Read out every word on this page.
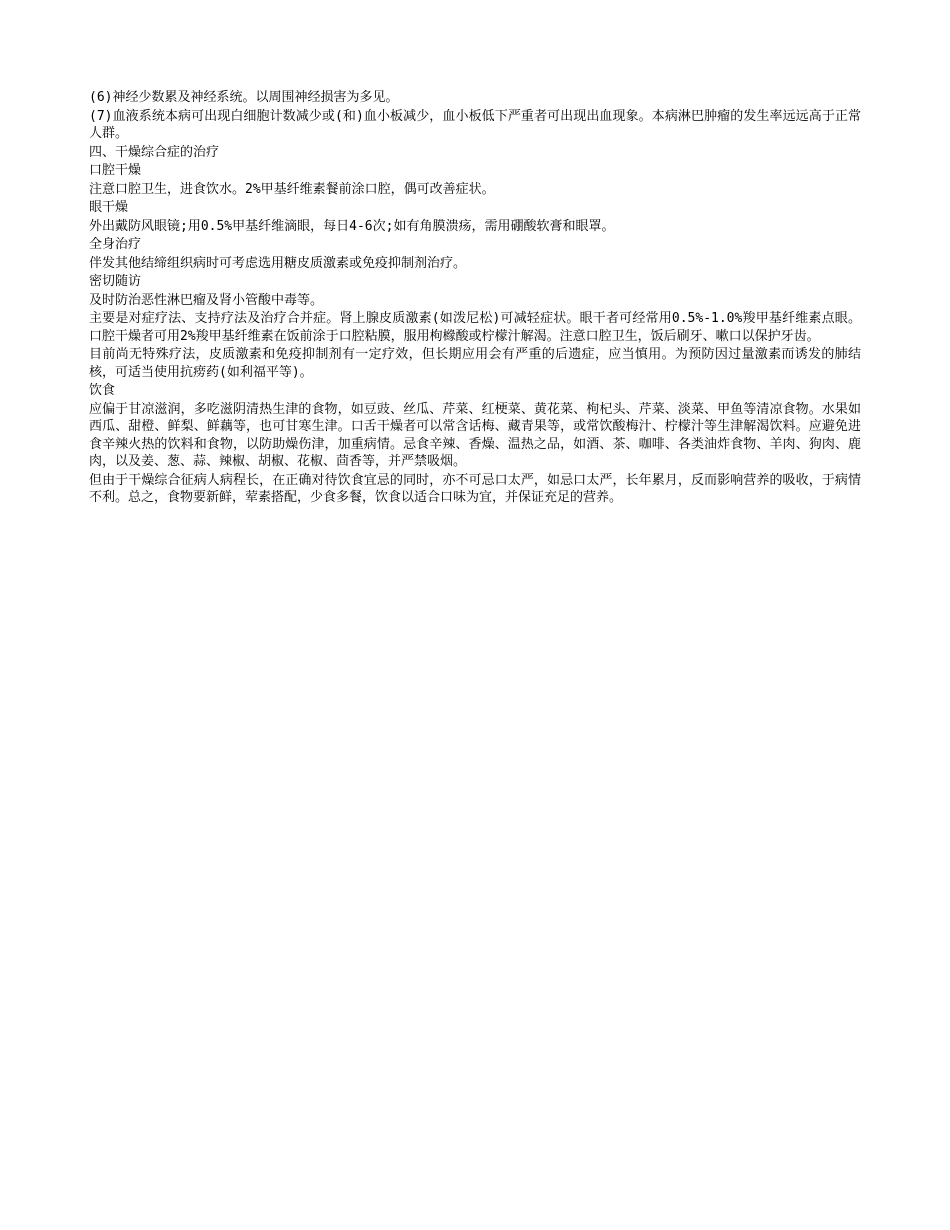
(6)神经少数累及神经系统。以周围神经损害为多见。

(7)血液系统本病可出现白细胞计数减少或(和)血小板减少，血小板低下严重者可出现出血现象。本病淋巴肿瘤的发生率远远高于正常人群。

四、干燥综合症的治疗

口腔干燥

注意口腔卫生，进食饮水。2%甲基纤维素餐前涂口腔，偶可改善症状。

眼干燥

外出戴防风眼镜;用0.5%甲基纤维滴眼，每日4-6次;如有角膜溃疡，需用硼酸软膏和眼罩。

全身治疗

伴发其他结缔组织病时可考虑选用糖皮质激素或免疫抑制剂治疗。

密切随访

及时防治恶性淋巴瘤及肾小管酸中毒等。

主要是对症疗法、支持疗法及治疗合并症。肾上腺皮质激素(如泼尼松)可减轻症状。眼干者可经常用0.5%-1.0%羧甲基纤维素点眼。口腔干燥者可用2%羧甲基纤维素在饭前涂于口腔粘膜，服用枸橼酸或柠檬汁解渴。注意口腔卫生，饭后刷牙、嗽口以保护牙齿。

目前尚无特殊疗法，皮质激素和免疫抑制剂有一定疗效，但长期应用会有严重的后遗症，应当慎用。为预防因过量激素而诱发的肺结核，可适当使用抗痨药(如利福平等)。

饮食

应偏于甘凉滋润，多吃滋阴清热生津的食物，如豆豉、丝瓜、芹菜、红梗菜、黄花菜、枸杞头、芹菜、淡菜、甲鱼等清凉食物。水果如西瓜、甜橙、鲜梨、鲜藕等，也可甘寒生津。口舌干燥者可以常含话梅、藏青果等，或常饮酸梅汁、柠檬汁等生津解渴饮料。应避免进食辛辣火热的饮料和食物，以防助燥伤津，加重病情。忌食辛辣、香燥、温热之品，如酒、茶、咖啡、各类油炸食物、羊肉、狗肉、鹿肉，以及姜、葱、蒜、辣椒、胡椒、花椒、茴香等，并严禁吸烟。

但由于干燥综合征病人病程长，在正确对待饮食宜忌的同时，亦不可忌口太严，如忌口太严，长年累月，反而影响营养的吸收，于病情不利。总之，食物要新鲜，荤素搭配，少食多餐，饮食以适合口味为宜，并保证充足的营养。
